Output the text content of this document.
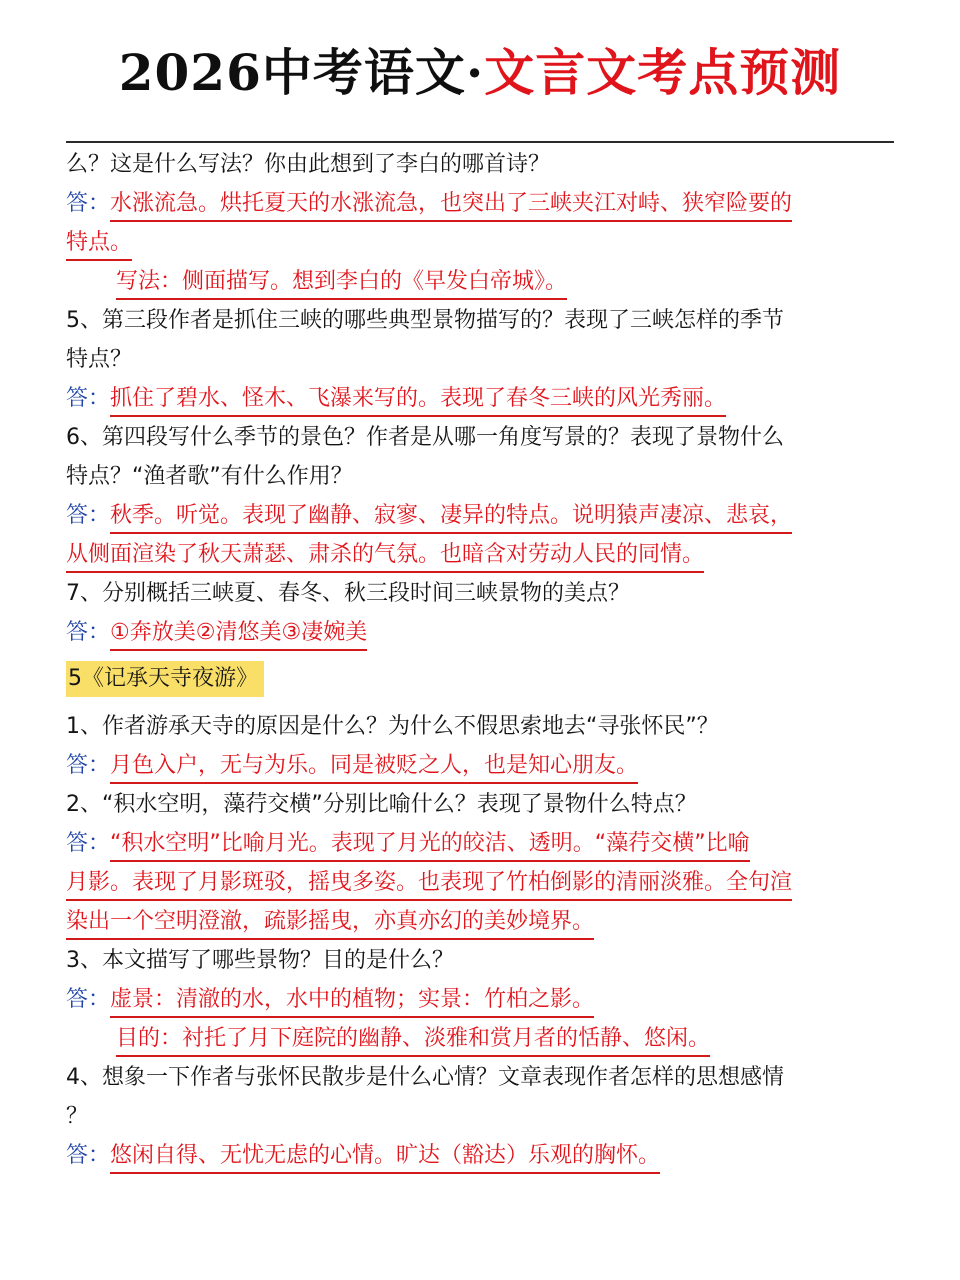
2026中考语文·文言文考点预测
么？这是什么写法？你由此想到了李白的哪首诗？
答：水涨流急。烘托夏天的水涨流急，也突出了三峡夹江对峙、狭窄险要的
特点。
写法：侧面描写。想到李白的《早发白帝城》。
5、第三段作者是抓住三峡的哪些典型景物描写的？表现了三峡怎样的季节
特点？
答：抓住了碧水、怪木、飞瀑来写的。表现了春冬三峡的风光秀丽。
6、第四段写什么季节的景色？作者是从哪一角度写景的？表现了景物什么
特点？“渔者歌”有什么作用？
答：秋季。听觉。表现了幽静、寂寥、凄异的特点。说明猿声凄凉、悲哀，
从侧面渲染了秋天萧瑟、肃杀的气氛。也暗含对劳动人民的同情。
7、分别概括三峡夏、春冬、秋三段时间三峡景物的美点？
答：①奔放美②清悠美③凄婉美
5《记承天寺夜游》
1、作者游承天寺的原因是什么？为什么不假思索地去“寻张怀民”？
答：月色入户，无与为乐。同是被贬之人，也是知心朋友。
2、“积水空明，藻荇交横”分别比喻什么？表现了景物什么特点？
答：“积水空明”比喻月光。表现了月光的皎洁、透明。“藻荇交横”比喻
月影。表现了月影斑驳，摇曳多姿。也表现了竹柏倒影的清丽淡雅。全句渲
染出一个空明澄澈，疏影摇曳，亦真亦幻的美妙境界。
3、本文描写了哪些景物？目的是什么？
答：虚景：清澈的水，水中的植物；实景：竹柏之影。
目的：衬托了月下庭院的幽静、淡雅和赏月者的恬静、悠闲。
4、想象一下作者与张怀民散步是什么心情？文章表现作者怎样的思想感情
？
答：悠闲自得、无忧无虑的心情。旷达（豁达）乐观的胸怀。
